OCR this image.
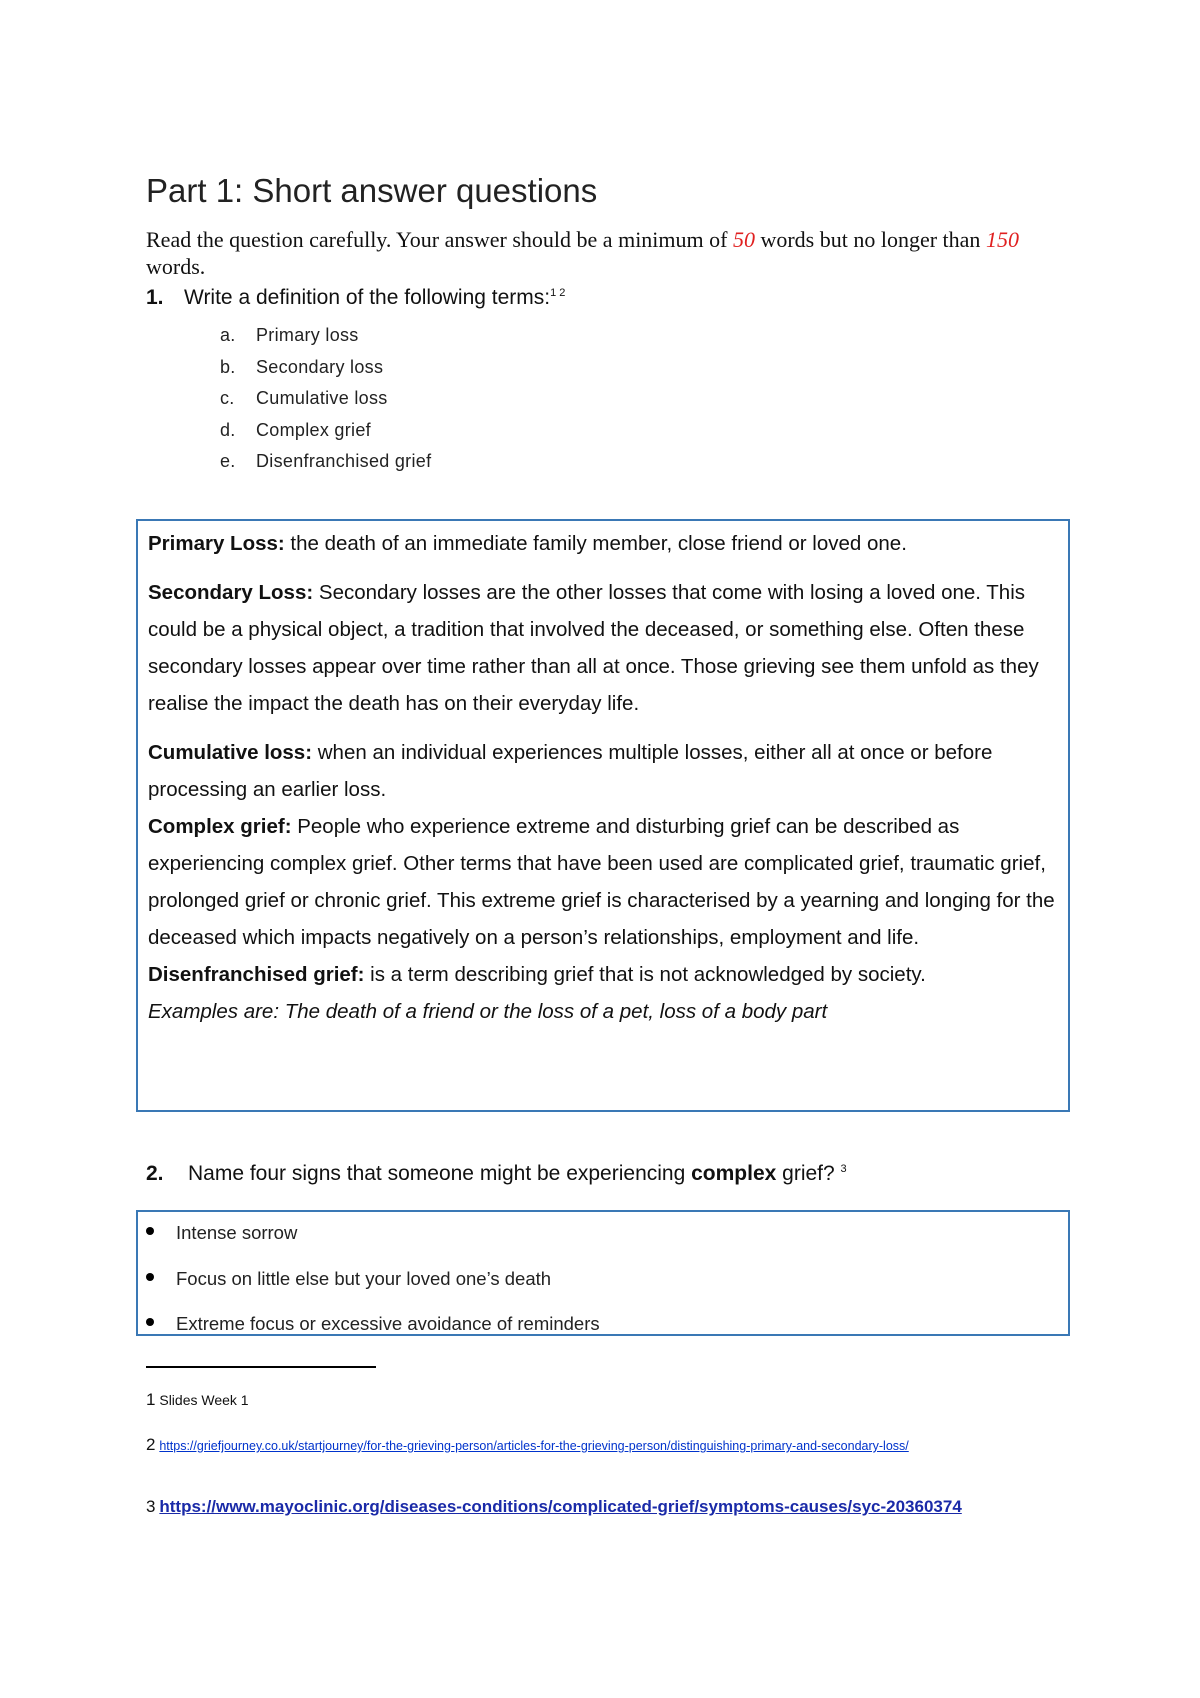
Part 1: Short answer questions

Read the question carefully. Your answer should be a minimum of 50 words but no longer than 150 words.

1. Write a definition of the following terms:$^{1 2}$
a. Primary loss
b. Secondary loss
c. Cumulative loss
d. Complex grief
e. Disenfranchised grief

Primary Loss: the death of an immediate family member, close friend or loved one.

Secondary Loss: Secondary losses are the other losses that come with losing a loved one. This could be a physical object, a tradition that involved the deceased, or something else. Often these secondary losses appear over time rather than all at once. Those grieving see them unfold as they realise the impact the death has on their everyday life.

Cumulative loss: when an individual experiences multiple losses, either all at once or before processing an earlier loss.

Complex grief: People who experience extreme and disturbing grief can be described as experiencing complex grief. Other terms that have been used are complicated grief, traumatic grief, prolonged grief or chronic grief. This extreme grief is characterised by a yearning and longing for the deceased which impacts negatively on a person’s relationships, employment and life.

Disenfranchised grief: is a term describing grief that is not acknowledged by society.

Examples are: The death of a friend or the loss of a pet, loss of a body part

2. Name four signs that someone might be experiencing complex grief? $^3$
Intense sorrow
Focus on little else but your loved one’s death
Extreme focus or excessive avoidance of reminders
1 Slides Week 1
2 https://griefjourney.co.uk/startjourney/for-the-grieving-person/articles-for-the-grieving-person/distinguishing-primary-and-secondary-loss/
3 https://www.mayoclinic.org/diseases-conditions/complicated-grief/symptoms-causes/syc-20360374
